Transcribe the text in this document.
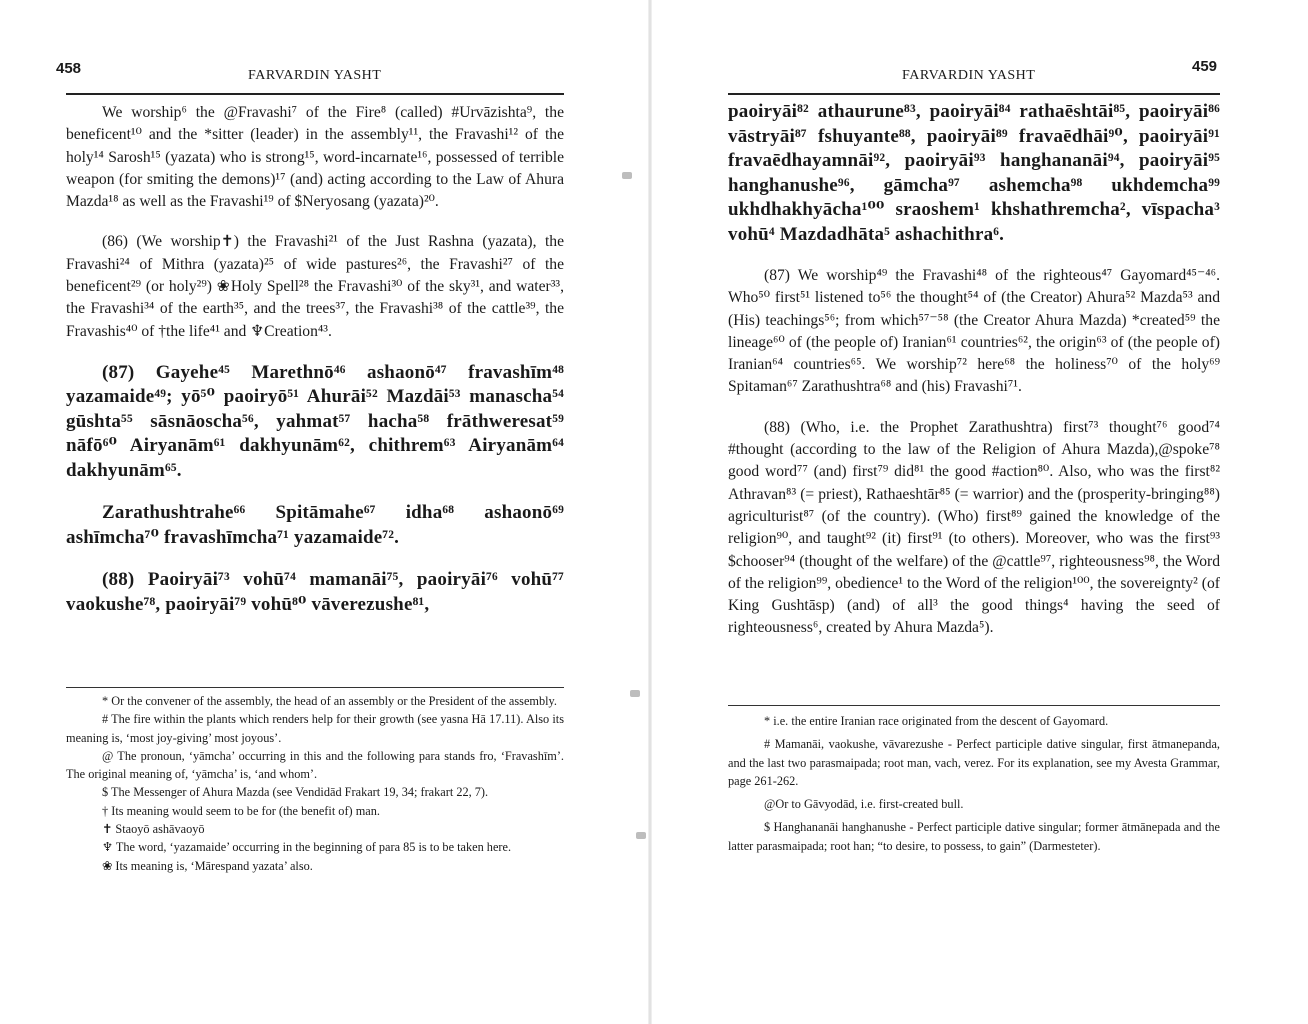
458	FARVARDIN YASHT

We worship⁶ the @Fravashi⁷ of the Fire⁸ (called) #Urvāzishta⁹, the beneficent¹⁰ and the *sitter (leader) in the assembly¹¹, the Fravashi¹² of the holy¹⁴ Sarosh¹⁵ (yazata) who is strong¹⁵, word-incarnate¹⁶, possessed of terrible weapon (for smiting the demons)¹⁷ (and) acting according to the Law of Ahura Mazda¹⁸ as well as the Fravashi¹⁹ of $Neryosang (yazata)²⁰.

(86) (We worship✝) the Fravashi²¹ of the Just Rashna (yazata), the Fravashi²⁴ of Mithra (yazata)²⁵ of wide pastures²⁶, the Fravashi²⁷ of the beneficent²⁹ (or holy²⁹) ❀Holy Spell²⁸ the Fravashi³⁰ of the sky³¹, and water³³, the Fravashi³⁴ of the earth³⁵, and the trees³⁷, the Fravashi³⁸ of the cattle³⁹, the Fravashis⁴⁰ of †the life⁴¹ and ♆Creation⁴³.

(87) Gayehe⁴⁵ Marethnō⁴⁶ ashaonō⁴⁷ fravashīm⁴⁸ yazamaide⁴⁹; yō⁵⁰ paoiryō⁵¹ Ahurāi⁵² Mazdāi⁵³ manascha⁵⁴ gūshta⁵⁵ sāsnāoscha⁵⁶, yahmat⁵⁷ hacha⁵⁸ frāthweresat⁵⁹ nāfō⁶⁰ Airyanām⁶¹ dakhyunām⁶², chithrem⁶³ Airyanām⁶⁴ dakhyunām⁶⁵.

Zarathushtrahe⁶⁶ Spitāmahe⁶⁷ idha⁶⁸ ashaonō⁶⁹ ashīmcha⁷⁰ fravashīmcha⁷¹ yazamaide⁷².

(88) Paoiryāi⁷³ vohū⁷⁴ mamanāi⁷⁵, paoiryāi⁷⁶ vohū⁷⁷ vaokushe⁷⁸, paoiryāi⁷⁹ vohū⁸⁰ vāverezushe⁸¹,

* Or the convener of the assembly, the head of an assembly or the President of the assembly.

# The fire within the plants which renders help for their growth (see yasna Hā 17.11). Also its meaning is, ‘most joy-giving’ most joyous’.

@ The pronoun, ‘yāmcha’ occurring in this and the following para stands fro, ‘Fravashīm’. The original meaning of, ‘yāmcha’ is, ‘and whom’.

$ The Messenger of Ahura Mazda (see Vendidād Frakart 19, 34; frakart 22, 7).

† Its meaning would seem to be for (the benefit of) man.

✝ Staoyō ashāvaoyō

♆ The word, ‘yazamaide’ occurring in the beginning of para 85 is to be taken here.

❀ Its meaning is, ‘Mārespand yazata’ also.

459
FARVARDIN YASHT

paoiryāi⁸² athaurune⁸³, paoiryāi⁸⁴ rathaēshtāi⁸⁵, paoiryāi⁸⁶ vāstryāi⁸⁷ fshuyante⁸⁸, paoiryāi⁸⁹ fravaēdhāi⁹⁰, paoiryāi⁹¹ fravaēdhayamnāi⁹², paoiryāi⁹³ hanghananāi⁹⁴, paoiryāi⁹⁵ hanghanushe⁹⁶, gāmcha⁹⁷ ashemcha⁹⁸ ukhdemcha⁹⁹ ukhdhakhyācha¹⁰⁰ sraoshem¹ khshathremcha², vīspacha³ vohū⁴ Mazdadhāta⁵ ashachithra⁶.

(87) We worship⁴⁹ the Fravashi⁴⁸ of the righteous⁴⁷ Gayomard⁴⁵⁻⁴⁶. Who⁵⁰ first⁵¹ listened to⁵⁶ the thought⁵⁴ of (the Creator) Ahura⁵² Mazda⁵³ and (His) teachings⁵⁶; from which⁵⁷⁻⁵⁸ (the Creator Ahura Mazda) *created⁵⁹ the lineage⁶⁰ of (the people of) Iranian⁶¹ countries⁶², the origin⁶³ of (the people of) Iranian⁶⁴ countries⁶⁵. We worship⁷² here⁶⁸ the holiness⁷⁰ of the holy⁶⁹ Spitaman⁶⁷ Zarathushtra⁶⁸ and (his) Fravashi⁷¹.

(88) (Who, i.e. the Prophet Zarathushtra) first⁷³ thought⁷⁶ good⁷⁴ #thought (according to the law of the Religion of Ahura Mazda),@spoke⁷⁸ good word⁷⁷ (and) first⁷⁹ did⁸¹ the good #action⁸⁰. Also, who was the first⁸² Athravan⁸³ (= priest), Rathaeshtār⁸⁵ (= warrior) and the (prosperity-bringing⁸⁸) agriculturist⁸⁷ (of the country). (Who) first⁸⁹ gained the knowledge of the religion⁹⁰, and taught⁹² (it) first⁹¹ (to others). Moreover, who was the first⁹³ $chooser⁹⁴ (thought of the welfare) of the @cattle⁹⁷, righteousness⁹⁸, the Word of the religion⁹⁹, obedience¹ to the Word of the religion¹⁰⁰, the sovereignty² (of King Gushtāsp) (and) of all³ the good things⁴ having the seed of righteousness⁶, created by Ahura Mazda⁵).

* i.e. the entire Iranian race originated from the descent of Gayomard.

# Mamanāi, vaokushe, vāvarezushe - Perfect participle dative singular, first ātmanepanda, and the last two parasmaipada; root man, vach, verez. For its explanation, see my Avesta Grammar, page 261-262.

@Or to Gāvyodād, i.e. first-created bull.

$ Hanghananāi hanghanushe - Perfect participle dative singular; former ātmānepada and the latter parasmaipada; root han; “to desire, to possess, to gain” (Darmesteter).
